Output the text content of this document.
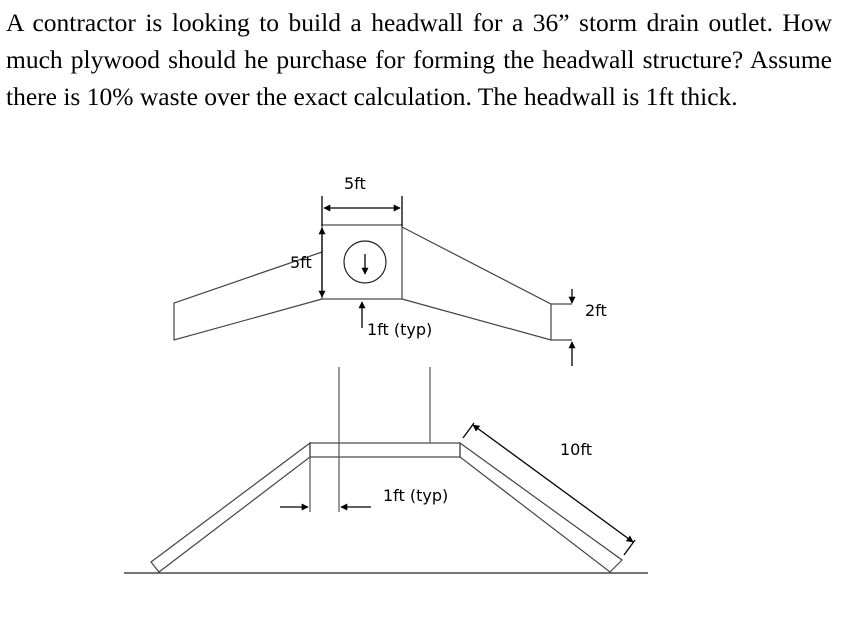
A contractor is looking to build a headwall for a 36” storm drain outlet. How much plywood should he purchase for forming the headwall structure? Assume there is 10% waste over the exact calculation. The headwall is 1ft thick.

5ft
5ft
1ft (typ)
2ft
1ft (typ)
10ft
